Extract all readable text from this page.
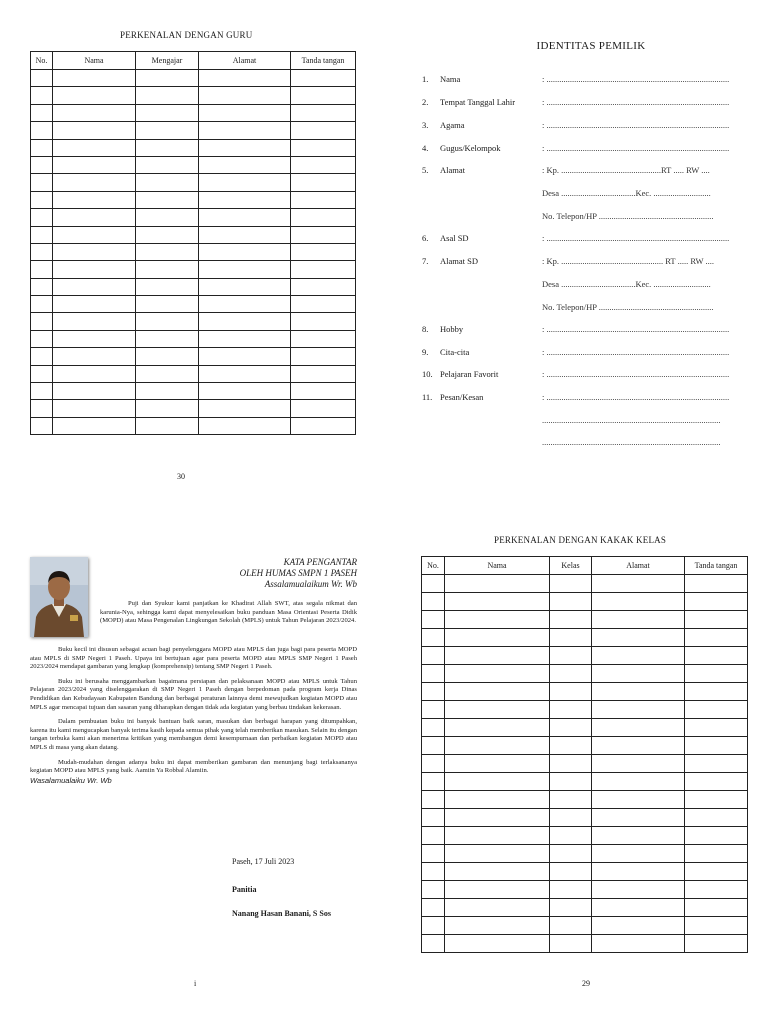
PERKENALAN DENGAN GURU
No.	Nama	Mengajar	Alamat	Tanda tangan

30
IDENTITAS PEMILIK
1.	Nama	: ......................................................................................
2.	Tempat Tanggal Lahir	: ......................................................................................
3.	Agama	: ......................................................................................
4.	Gugus/Kelompok	: ......................................................................................
5.	Alamat	: Kp. ...............................................RT ..... RW ....
Desa ...................................Kec. ...........................
No. Telepon/HP ......................................................
6.	Asal SD	: ......................................................................................
7.	Alamat SD	: Kp. ................................................ RT ..... RW ....
Desa ...................................Kec. ...........................
No. Telepon/HP ......................................................
8.	Hobby	: ......................................................................................
9.	Cita-cita	: ......................................................................................
10. Pelajaran Favorit	: ......................................................................................
11. Pesan/Kesan	: ......................................................................................
....................................................................................
....................................................................................
KATA PENGANTAR
OLEH HUMAS SMPN 1 PASEH
Assalamualaikum Wr. Wb
Puji dan Syukur kami panjatkan ke Khadirat Allah SWT, atas segala nikmat dan karunia-Nya, sehingga kami dapat menyelesaikan buku panduan Masa Orientasi Peserta Didik (MOPD) atau Masa Pengenalan Lingkungan Sekolah (MPLS) untuk Tahun Pelajaran 2023/2024.

Buku kecil ini disusun sebagai acuan bagi penyelenggara MOPD atau MPLS dan juga bagi para peserta MOPD atau MPLS di SMP Negeri 1 Paseh. Upaya ini bertujuan agar para peserta MOPD atau MPLS SMP Negeri 1 Paseh 2023/2024 mendapat gambaran yang lengkap (komprehensip) tentang SMP Negeri 1 Paseh.

Buku ini berusaha menggambarkan bagaimana persiapan dan pelaksanaan MOPD atau MPLS untuk Tahun Pelajaran 2023/2024 yang diselenggarakan di SMP Negeri 1 Paseh dengan berpedoman pada program kerja Dinas Pendidikan dan Kebudayaan Kabupaten Bandung dan berbagai peraturan lainnya demi mewujudkan kegiatan MOPD atau MPLS agar mencapai tujuan dan sasaran yang diharapkan dengan tidak ada kegiatan yang berbau tindakan kekerasan.

Dalam pembuatan buku ini banyak bantuan baik saran, masukan dan berbagai harapan yang ditumpahkan, karena itu kami mengucapkan banyak terima kasih kepada semua pihak yang telah memberikan masukan. Selain itu dengan tangan terbuka kami akan menerima kritikan yang membangun demi kesempurnaan dan perbaikan kegiatan MOPD atau MPLS di masa yang akan datang.

Mudah-mudahan dengan adanya buku ini dapat memberikan gambaran dan menunjang bagi terlaksananya kegiatan MOPD atau MPLS yang baik. Aamiin Ya Robbal Alamiin.

Wasalamualaiku Wr. Wb
Paseh, 17 Juli 2023
Panitia
Nanang Hasan Banani, S Sos
i
PERKENALAN DENGAN KAKAK KELAS
No.	Nama	Kelas	Alamat	Tanda tangan

29
